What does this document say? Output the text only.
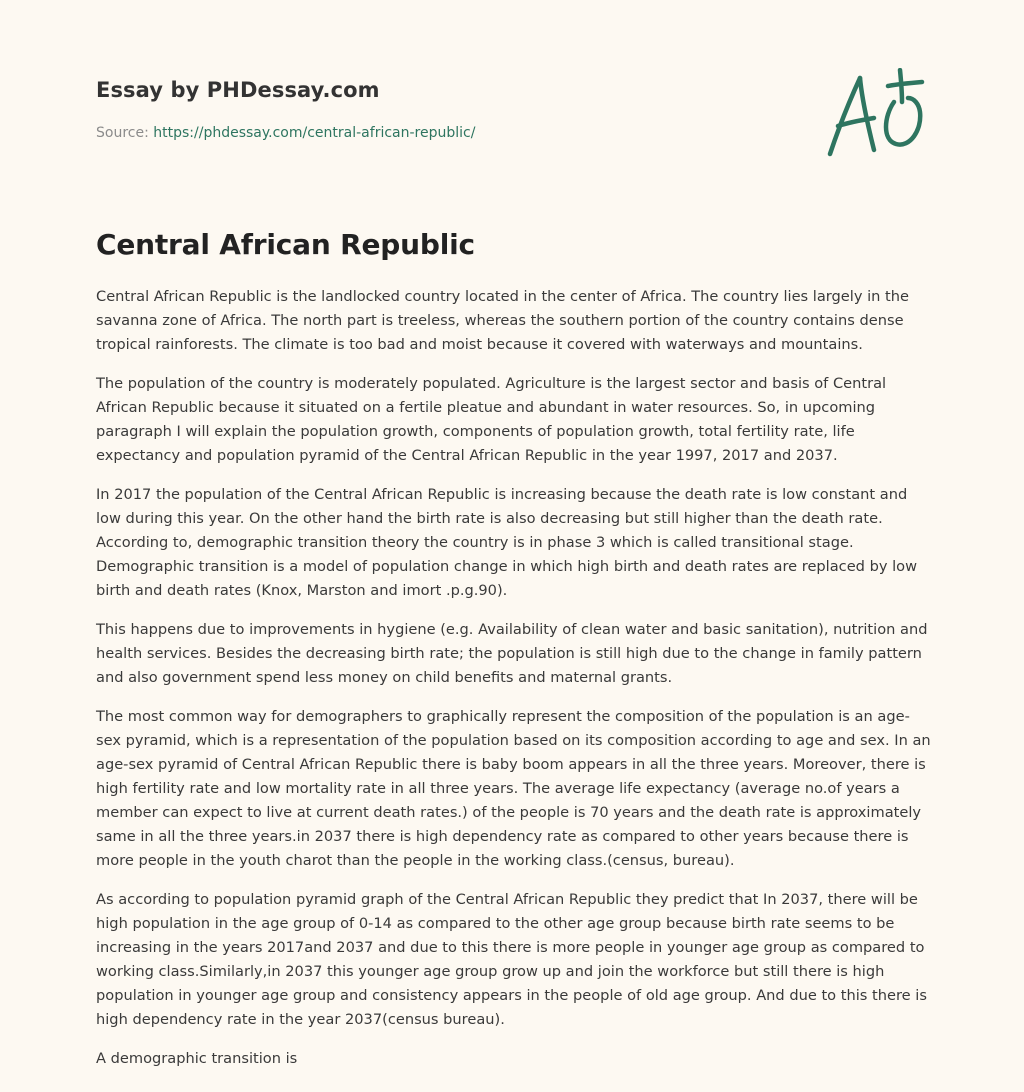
Essay by PHDessay.com
Source: https://phdessay.com/central-african-republic/
Central African Republic

Central African Republic is the landlocked country located in the center of Africa. The country lies largely in the savanna zone of Africa. The north part is treeless, whereas the southern portion of the country contains dense tropical rainforests. The climate is too bad and moist because it covered with waterways and mountains.

The population of the country is moderately populated. Agriculture is the largest sector and basis of Central African Republic because it situated on a fertile pleatue and abundant in water resources. So, in upcoming paragraph I will explain the population growth, components of population growth, total fertility rate, life expectancy and population pyramid of the Central African Republic in the year 1997, 2017 and 2037.

In 2017 the population of the Central African Republic is increasing because the death rate is low constant and low during this year. On the other hand the birth rate is also decreasing but still higher than the death rate. According to, demographic transition theory the country is in phase 3 which is called transitional stage. Demographic transition is a model of population change in which high birth and death rates are replaced by low birth and death rates (Knox, Marston and imort .p.g.90).

This happens due to improvements in hygiene (e.g. Availability of clean water and basic sanitation), nutrition and health services. Besides the decreasing birth rate; the population is still high due to the change in family pattern and also government spend less money on child benefits and maternal grants.

The most common way for demographers to graphically represent the composition of the population is an age-sex pyramid, which is a representation of the population based on its composition according to age and sex. In an age-sex pyramid of Central African Republic there is baby boom appears in all the three years. Moreover, there is high fertility rate and low mortality rate in all three years. The average life expectancy (average no.of years a member can expect to live at current death rates.) of the people is 70 years and the death rate is approximately same in all the three years.in 2037 there is high dependency rate as compared to other years because there is more people in the youth charot than the people in the working class.(census, bureau).

As according to population pyramid graph of the Central African Republic they predict that In 2037, there will be high population in the age group of 0-14 as compared to the other age group because birth rate seems to be increasing in the years 2017and 2037 and due to this there is more people in younger age group as compared to working class.Similarly,in 2037 this younger age group grow up and join the workforce but still there is high population in younger age group and consistency appears in the people of old age group. And due to this there is high dependency rate in the year 2037(census bureau).

A demographic transition is
